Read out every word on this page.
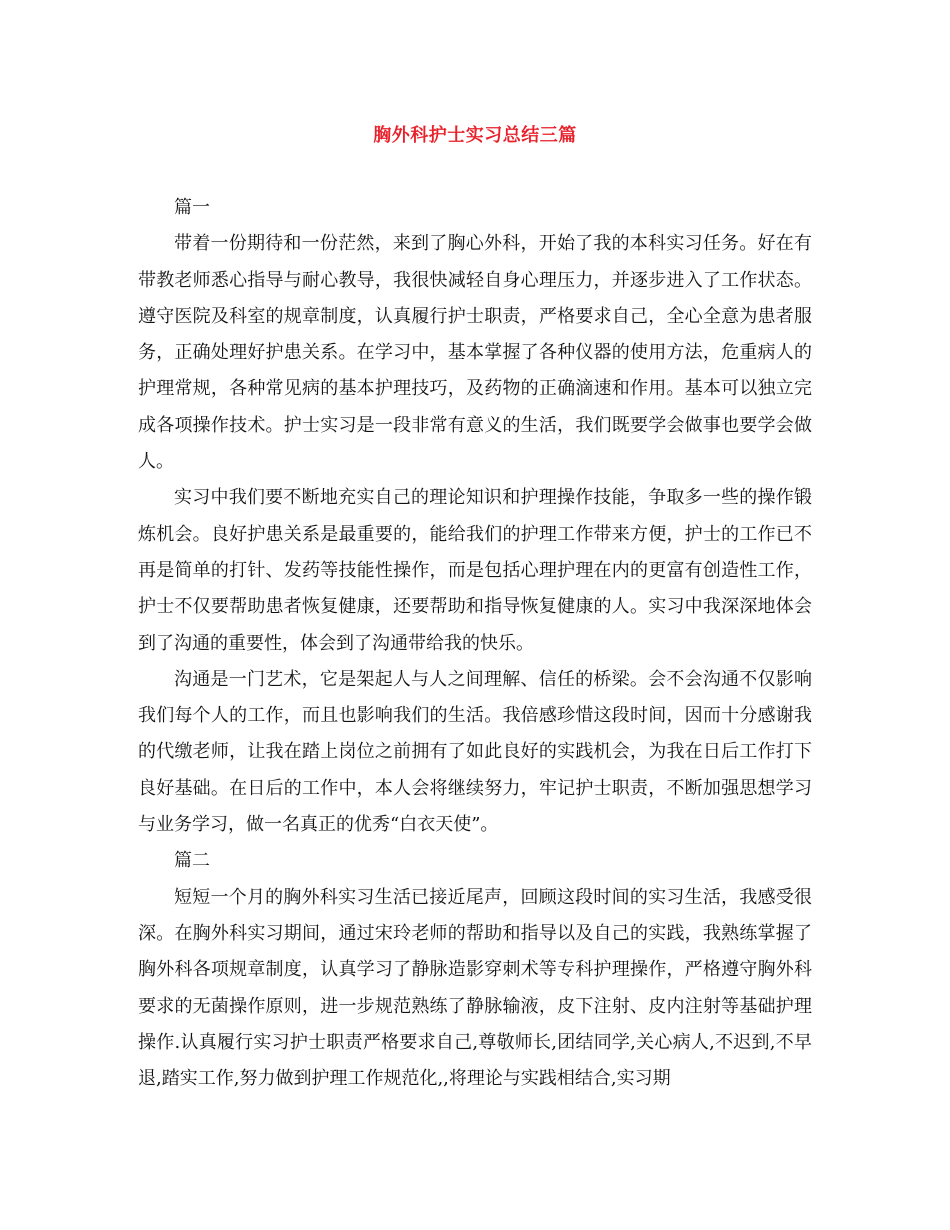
胸外科护士实习总结三篇

篇一

带着一份期待和一份茫然，来到了胸心外科，开始了我的本科实习任务。好在有带教老师悉心指导与耐心教导，我很快减轻自身心理压力，并逐步进入了工作状态。遵守医院及科室的规章制度，认真履行护士职责，严格要求自己，全心全意为患者服务，正确处理好护患关系。在学习中，基本掌握了各种仪器的使用方法，危重病人的护理常规，各种常见病的基本护理技巧，及药物的正确滴速和作用。基本可以独立完成各项操作技术。护士实习是一段非常有意义的生活，我们既要学会做事也要学会做人。

实习中我们要不断地充实自己的理论知识和护理操作技能，争取多一些的操作锻炼机会。良好护患关系是最重要的，能给我们的护理工作带来方便，护士的工作已不再是简单的打针、发药等技能性操作，而是包括心理护理在内的更富有创造性工作，护士不仅要帮助患者恢复健康，还要帮助和指导恢复健康的人。实习中我深深地体会到了沟通的重要性，体会到了沟通带给我的快乐。

沟通是一门艺术，它是架起人与人之间理解、信任的桥梁。会不会沟通不仅影响我们每个人的工作，而且也影响我们的生活。我倍感珍惜这段时间，因而十分感谢我的代缴老师，让我在踏上岗位之前拥有了如此良好的实践机会，为我在日后工作打下良好基础。在日后的工作中，本人会将继续努力，牢记护士职责，不断加强思想学习与业务学习，做一名真正的优秀“白衣天使”。

篇二

短短一个月的胸外科实习生活已接近尾声，回顾这段时间的实习生活，我感受很深。在胸外科实习期间，通过宋玲老师的帮助和指导以及自己的实践，我熟练掌握了胸外科各项规章制度，认真学习了静脉造影穿刺术等专科护理操作，严格遵守胸外科要求的无菌操作原则，进一步规范熟练了静脉输液，皮下注射、皮内注射等基础护理操作.认真履行实习护士职责严格要求自己,尊敬师长,团结同学,关心病人,不迟到,不早退,踏实工作,努力做到护理工作规范化,,将理论与实践相结合,实习期
